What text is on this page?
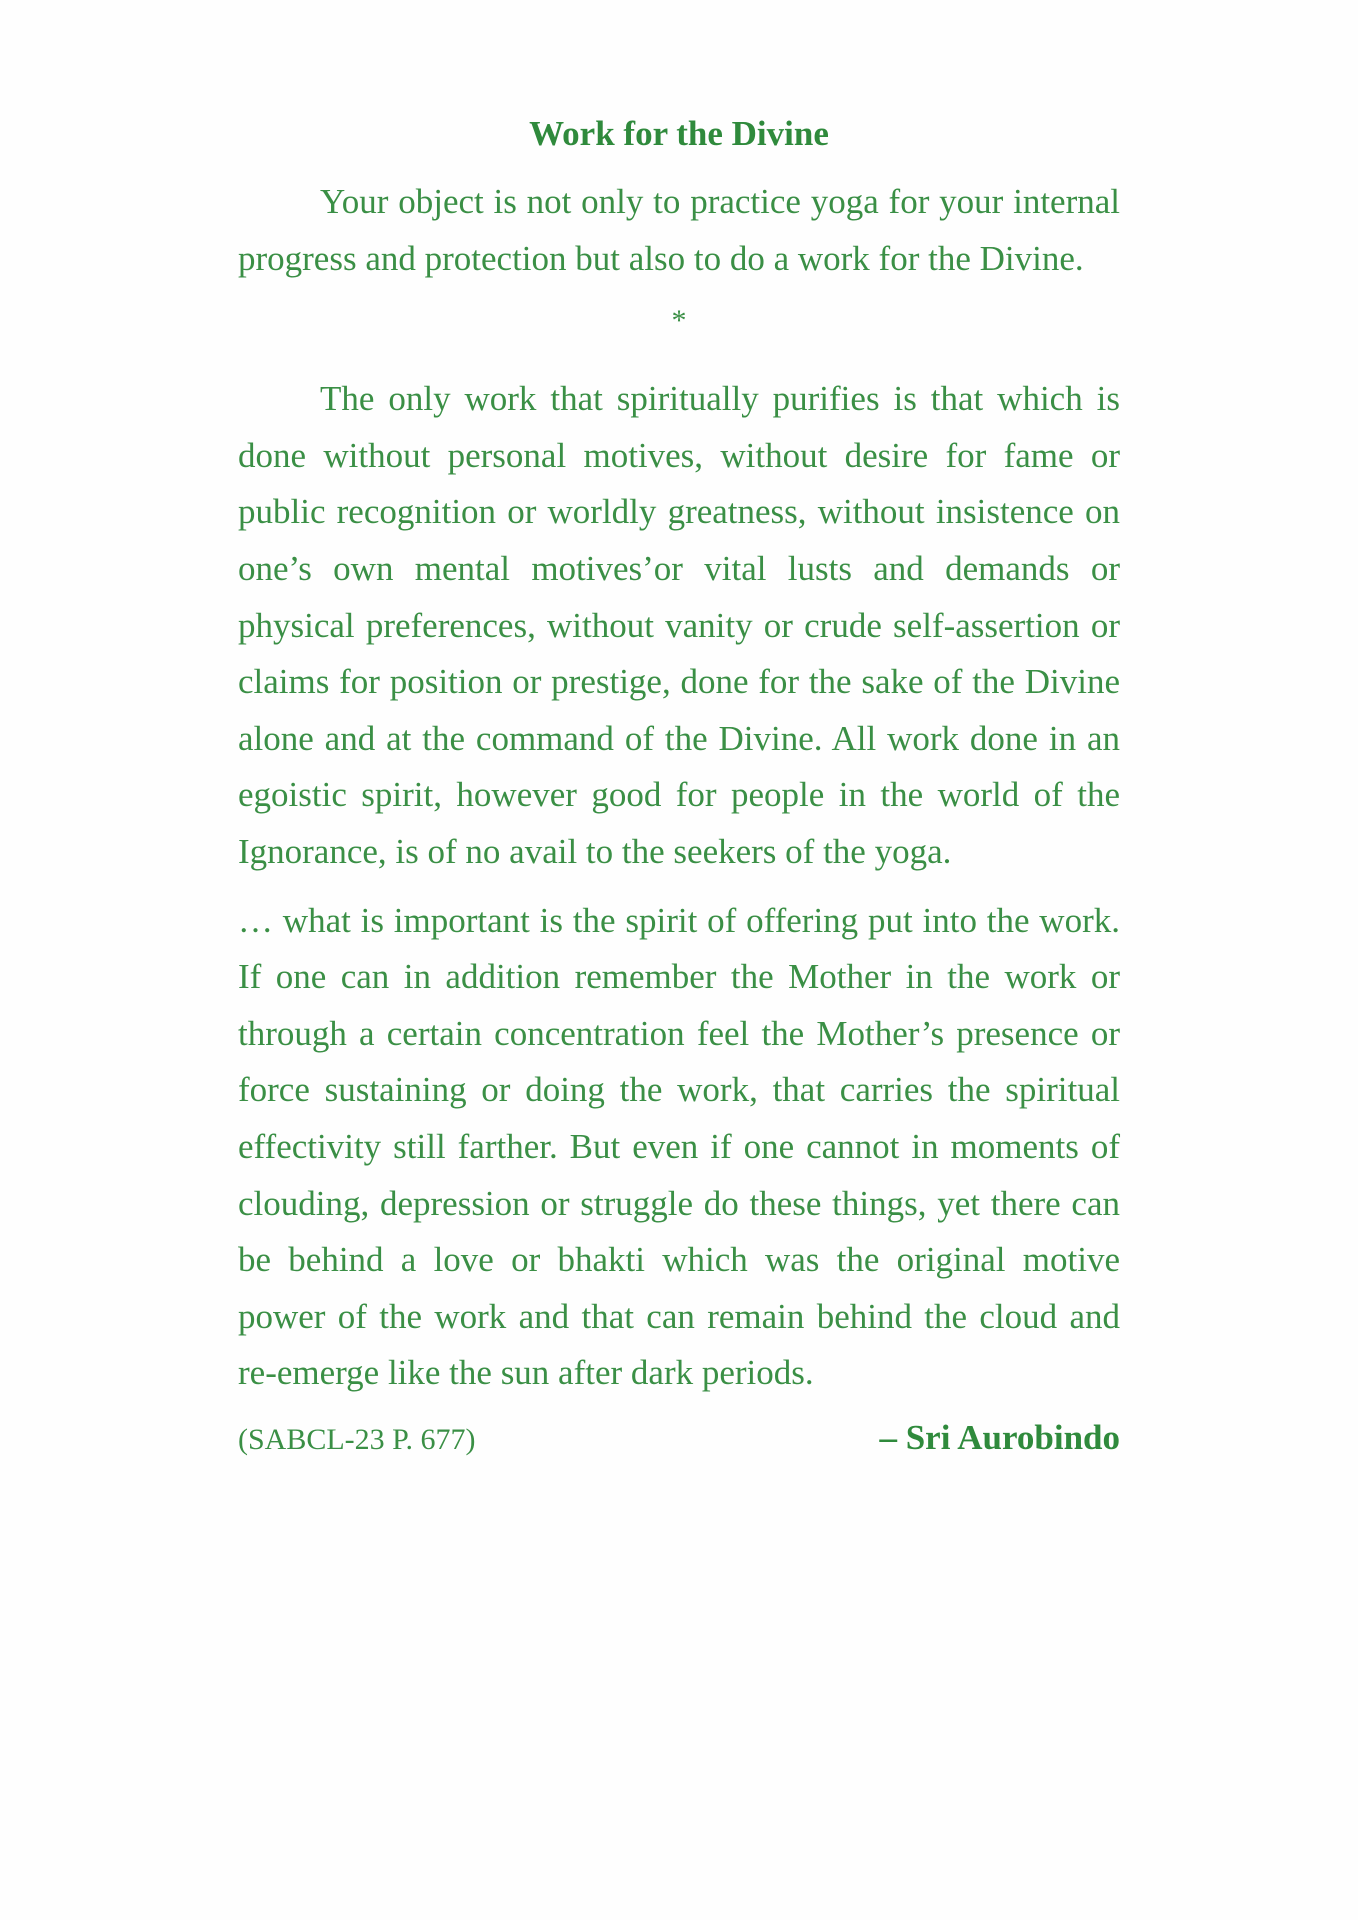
Work for the Divine

Your object is not only to practice yoga for your internal progress and protection but also to do a work for the Divine.

*

The only work that spiritually purifies is that which is done without personal motives, without desire for fame or public recognition or worldly greatness, without insistence on one’s own mental motives’or vital lusts and demands or physical preferences, without vanity or crude self-assertion or claims for position or prestige, done for the sake of the Divine alone and at the command of the Divine. All work done in an egoistic spirit, however good for people in the world of the Ignorance, is of no avail to the seekers of the yoga.

… what is important is the spirit of offering put into the work. If one can in addition remember the Mother in the work or through a certain concentration feel the Mother’s presence or force sustaining or doing the work, that carries the spiritual effectivity still farther. But even if one cannot in moments of clouding, depression or struggle do these things, yet there can be behind a love or bhakti which was the original motive power of the work and that can remain behind the cloud and re-emerge like the sun after dark periods.

(SABCL-23 P. 677)	– Sri Aurobindo
